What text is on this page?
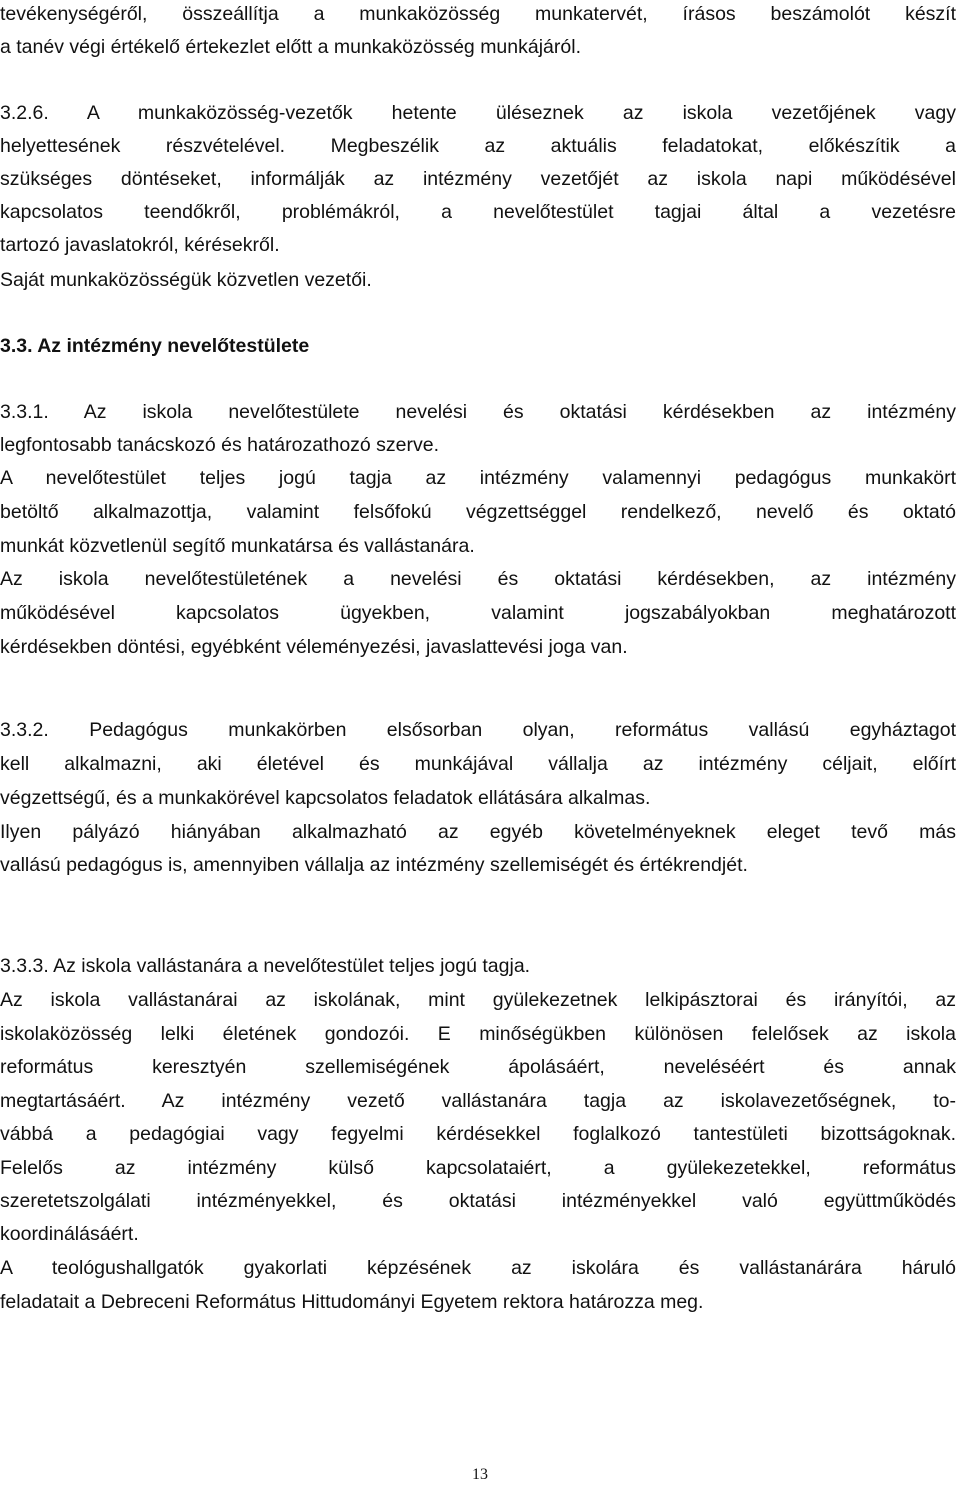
tevékenységéről, összeállítja a munkaközösség munkatervét, írásos beszámolót készít
a tanév végi értékelő értekezlet előtt a munkaközösség munkájáról.
3.2.6. A munkaközösség-vezetők hetente üléseznek az iskola vezetőjének vagy
helyettesének részvételével. Megbeszélik az aktuális feladatokat, előkészítik a
szükséges döntéseket, informálják az intézmény vezetőjét az iskola napi működésével
kapcsolatos teendőkről, problémákról, a nevelőtestület tagjai által a vezetésre
tartozó javaslatokról, kérésekről.
Saját munkaközösségük közvetlen vezetői.
3.3. Az intézmény nevelőtestülete
3.3.1. Az iskola nevelőtestülete nevelési és oktatási kérdésekben az intézmény
legfontosabb tanácskozó és határozathozó szerve.
A nevelőtestület teljes jogú tagja az intézmény valamennyi pedagógus munkakört
betöltő alkalmazottja, valamint felsőfokú végzettséggel rendelkező, nevelő és oktató
munkát közvetlenül segítő munkatársa és vallástanára.
Az iskola nevelőtestületének a nevelési és oktatási kérdésekben, az intézmény
működésével kapcsolatos ügyekben, valamint jogszabályokban meghatározott
kérdésekben döntési, egyébként véleményezési, javaslattevési joga van.
3.3.2. Pedagógus munkakörben elsősorban olyan, református vallású egyháztagot
kell alkalmazni, aki életével és munkájával vállalja az intézmény céljait, előírt
végzettségű, és a munkakörével kapcsolatos feladatok ellátására alkalmas.
Ilyen pályázó hiányában alkalmazható az egyéb követelményeknek eleget tevő más
vallású pedagógus is, amennyiben vállalja az intézmény szellemiségét és értékrendjét.
3.3.3. Az iskola vallástanára a nevelőtestület teljes jogú tagja.
Az iskola vallástanárai az iskolának, mint gyülekezetnek lelkipásztorai és irányítói, az
iskolaközösség lelki életének gondozói. E minőségükben különösen felelősek az iskola
református keresztyén szellemiségének ápolásáért, neveléséért és annak
megtartásáért. Az intézmény vezető vallástanára tagja az iskolavezetőségnek, to-
vábbá a pedagógiai vagy fegyelmi kérdésekkel foglalkozó tantestületi bizottságoknak.
Felelős az intézmény külső kapcsolataiért, a gyülekezetekkel, református
szeretetszolgálati intézményekkel, és oktatási intézményekkel való együttműködés
koordinálásáért.
A teológushallgatók gyakorlati képzésének az iskolára és vallástanárára háruló
feladatait a Debreceni Református Hittudományi Egyetem rektora határozza meg.
13
